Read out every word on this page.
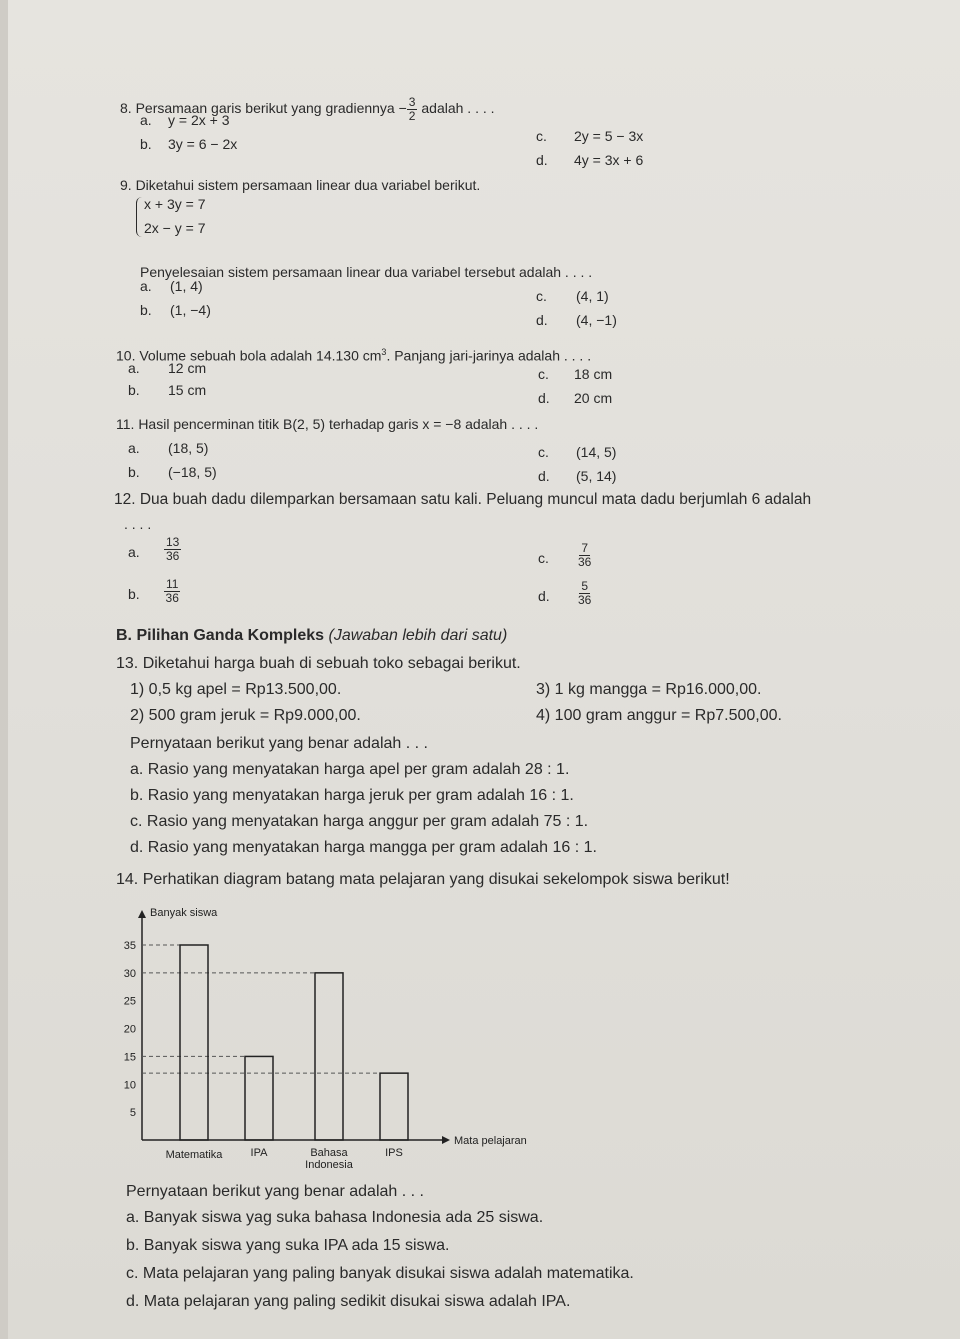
8. Persamaan garis berikut yang gradiennya − $\frac{3}{2}$ adalah . . . .
a. y = 2x + 3
b. 3y = 6 − 2x	c. 2y = 5 − 3x
d. 4y = 3x + 6
9. Diketahui sistem persamaan linear dua variabel berikut.
x + 3y = 7
2x − y = 7
Penyelesaian sistem persamaan linear dua variabel tersebut adalah . . . .
a. (1, 4)
b. (1, −4)
c. (4, 1)
d. (4, −1)
10. Volume sebuah bola adalah 14.130 $cm^3$. Panjang jari-jarinya adalah . . . .
a. 12 cm
b. 15 cm
c. 18 cm
d. 20 cm
11. Hasil pencerminan titik B(2, 5) terhadap garis x = −8 adalah . . . .
a. (18, 5)
b. (−18, 5)
c. (14, 5)
d. (5, 14)
12. Dua buah dadu dilemparkan bersamaan satu kali. Peluang muncul mata dadu berjumlah 6 adalah
. . . .
a. $\frac{13}{36}$
b. $\frac{11}{36}$
c. $\frac{7}{36}$
d. $\frac{5}{36}$
B. Pilihan Ganda Kompleks (Jawaban lebih dari satu)
13. Diketahui harga buah di sebuah toko sebagai berikut.
1) 0,5 kg apel = Rp13.500,00.
2) 500 gram jeruk = Rp9.000,00.
3) 1 kg mangga = Rp16.000,00.
4) 100 gram anggur = Rp7.500,00.
Pernyataan berikut yang benar adalah . . .
a. Rasio yang menyatakan harga apel per gram adalah 28 : 1.
b. Rasio yang menyatakan harga jeruk per gram adalah 16 : 1.
c. Rasio yang menyatakan harga anggur per gram adalah 75 : 1.
d. Rasio yang menyatakan harga mangga per gram adalah 16 : 1.
14. Perhatikan diagram batang mata pelajaran yang disukai sekelompok siswa berikut!
Banyak siswa
Mata pelajaran
5
10
15
20
25
30
35
Matematika	IPA	Bahasa
Indonesia
IPS
Pernyataan berikut yang benar adalah . . .
a. Banyak siswa yag suka bahasa Indonesia ada 25 siswa.
b. Banyak siswa yang suka IPA ada 15 siswa.
c. Mata pelajaran yang paling banyak disukai siswa adalah matematika.
d. Mata pelajaran yang paling sedikit disukai siswa adalah IPA.
